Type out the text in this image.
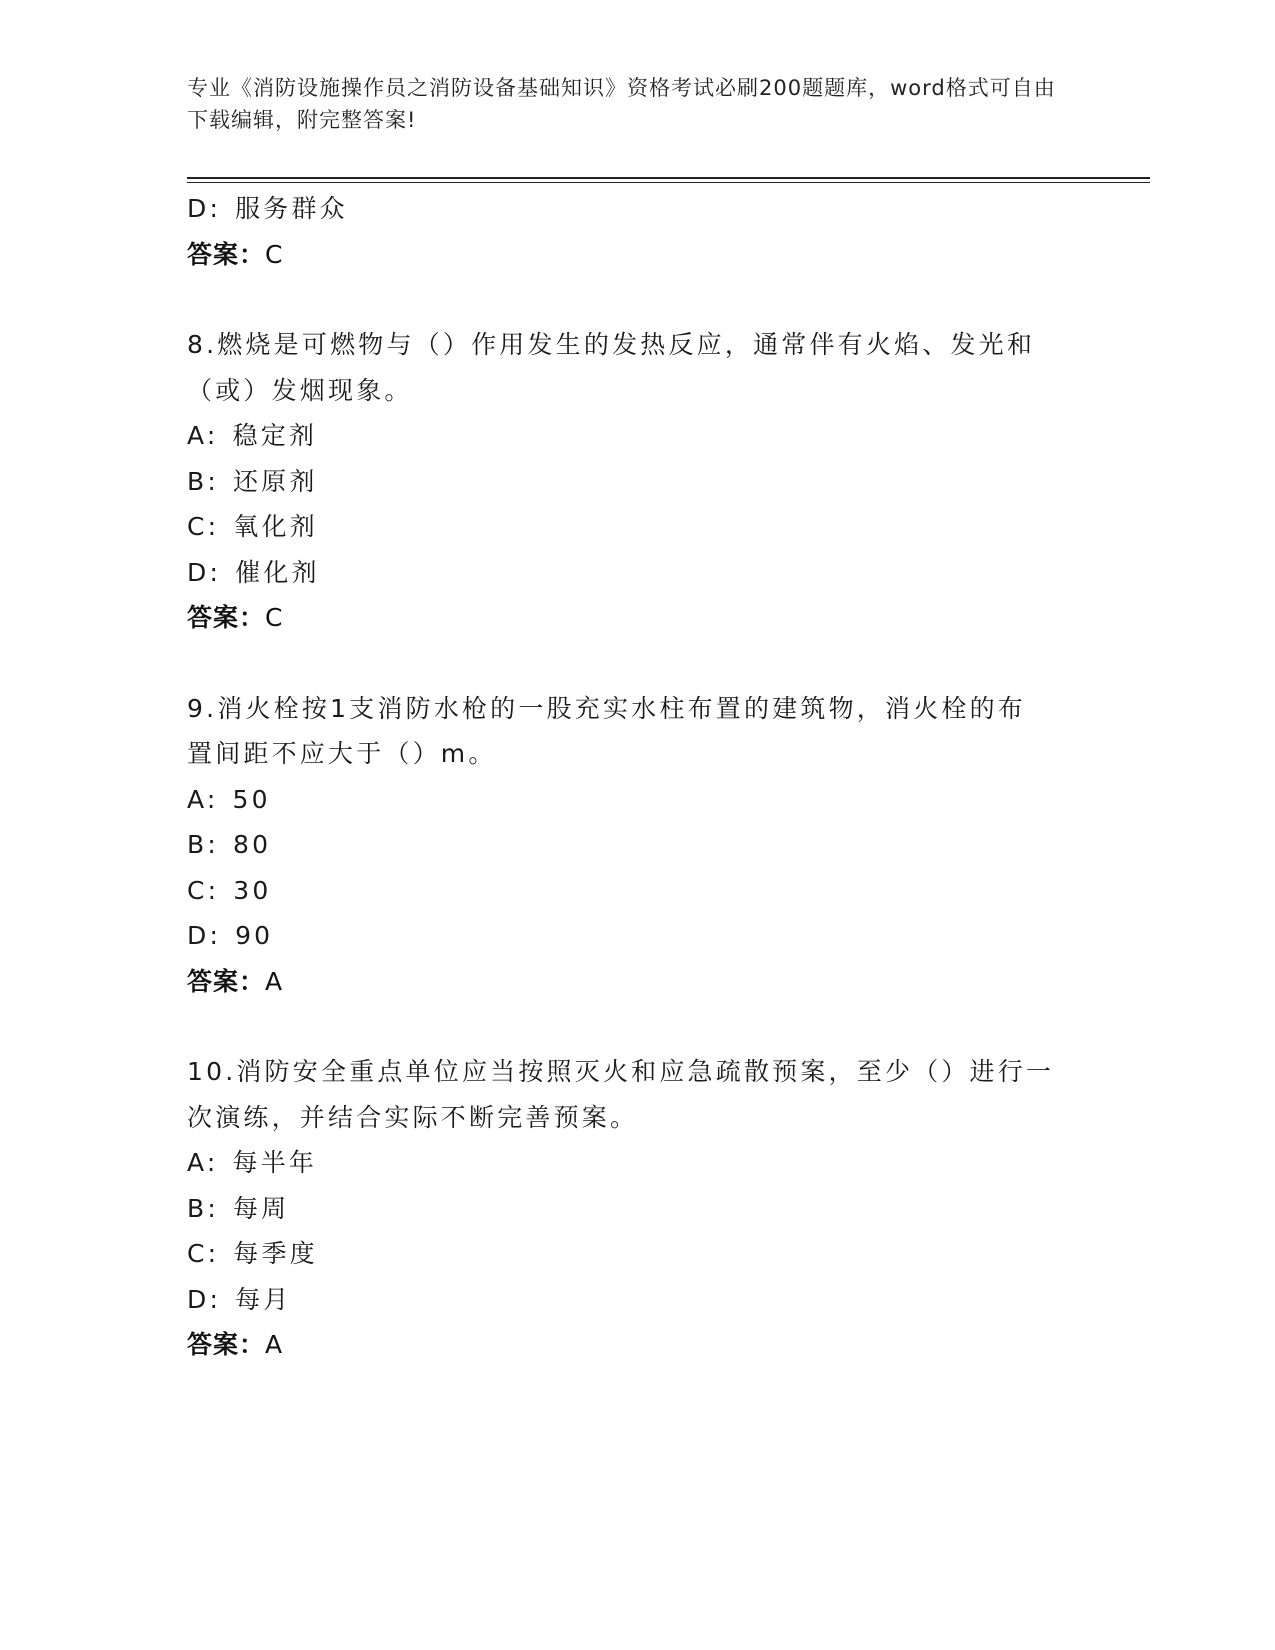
专业《消防设施操作员之消防设备基础知识》资格考试必刷200题题库，word格式可自由下载编辑，附完整答案!
D: 服务群众
答案：C
8.燃烧是可燃物与（）作用发生的发热反应，通常伴有火焰、发光和
（或）发烟现象。
A: 稳定剂
B: 还原剂
C: 氧化剂
D: 催化剂
答案：C
9.消火栓按1支消防水枪的一股充实水柱布置的建筑物，消火栓的布
置间距不应大于（）m。
A: 50
B: 80
C: 30
D: 90
答案：A
10.消防安全重点单位应当按照灭火和应急疏散预案，至少（）进行一
次演练，并结合实际不断完善预案。
A: 每半年
B: 每周
C: 每季度
D: 每月
答案：A
